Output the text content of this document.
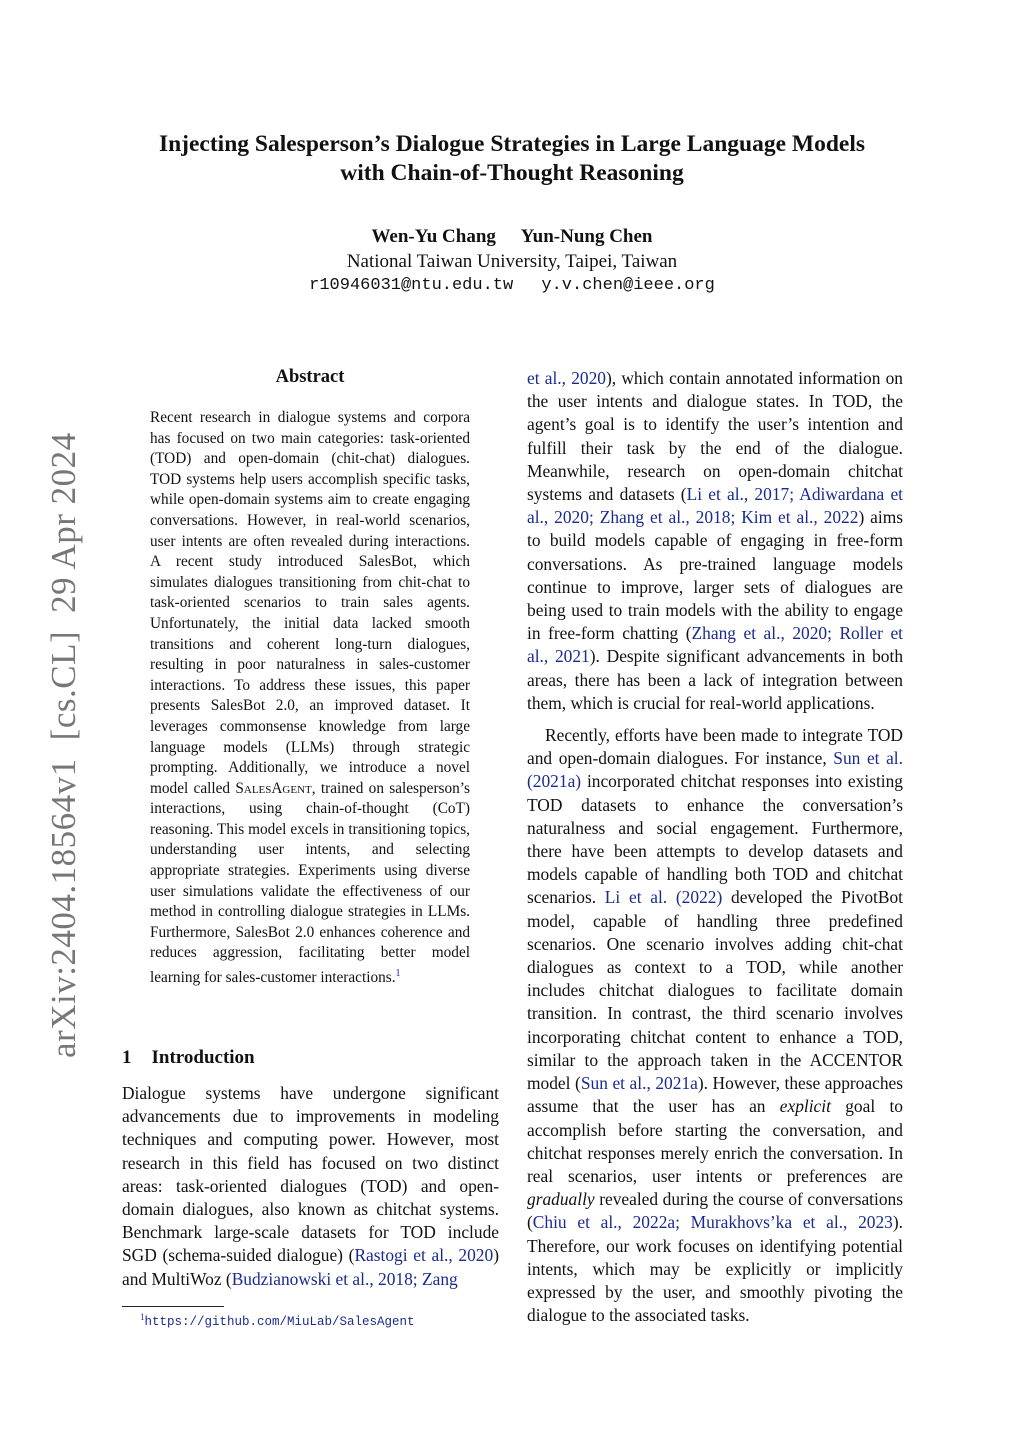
Injecting Salesperson’s Dialogue Strategies in Large Language Models
with Chain-of-Thought Reasoning
Wen-Yu Chang Yun-Nung Chen
National Taiwan University, Taipei, Taiwan
r10946031@ntu.edu.tw y.v.chen@ieee.org
arXiv:2404.18564v1[cs.CL]29 Apr 2024
Abstract
Recent research in dialogue systems and corpora has focused on two main categories: task-oriented (TOD) and open-domain (chit-chat) dialogues. TOD systems help users accomplish specific tasks, while open-domain systems aim to create engaging conversations. However, in real-world scenarios, user intents are often revealed during interactions. A recent study introduced SalesBot, which simulates dialogues transitioning from chit-chat to task-oriented scenarios to train sales agents. Unfortunately, the initial data lacked smooth transitions and coherent long-turn dialogues, resulting in poor naturalness in sales-customer interactions. To address these issues, this paper presents SalesBot 2.0, an improved dataset. It leverages commonsense knowledge from large language models (LLMs) through strategic prompting. Additionally, we introduce a novel model called SalesAgent, trained on salesperson’s interactions, using chain-of-thought (CoT) reasoning. This model excels in transitioning topics, understanding user intents, and selecting appropriate strategies. Experiments using diverse user simulations validate the effectiveness of our method in controlling dialogue strategies in LLMs. Furthermore, SalesBot 2.0 enhances coherence and reduces aggression, facilitating better model learning for sales-customer interactions.$^1$
1 Introduction
Dialogue systems have undergone significant advancements due to improvements in modeling techniques and computing power. However, most research in this field has focused on two distinct areas: task-oriented dialogues (TOD) and open-domain dialogues, also known as chitchat systems. Benchmark large-scale datasets for TOD include SGD (schema-suided dialogue) (Rastogi et al., 2020) and MultiWoz (Budzianowski et al., 2018; Zang

et al., 2020), which contain annotated information on the user intents and dialogue states. In TOD, the agent’s goal is to identify the user’s intention and fulfill their task by the end of the dialogue. Meanwhile, research on open-domain chitchat systems and datasets (Li et al., 2017; Adiwardana et al., 2020; Zhang et al., 2018; Kim et al., 2022) aims to build models capable of engaging in free-form conversations. As pre-trained language models continue to improve, larger sets of dialogues are being used to train models with the ability to engage in free-form chatting (Zhang et al., 2020; Roller et al., 2021). Despite significant advancements in both areas, there has been a lack of integration between them, which is crucial for real-world applications.

Recently, efforts have been made to integrate TOD and open-domain dialogues. For instance, Sun et al. (2021a) incorporated chitchat responses into existing TOD datasets to enhance the conversation’s naturalness and social engagement. Furthermore, there have been attempts to develop datasets and models capable of handling both TOD and chitchat scenarios. Li et al. (2022) developed the PivotBot model, capable of handling three predefined scenarios. One scenario involves adding chit-chat dialogues as context to a TOD, while another includes chitchat dialogues to facilitate domain transition. In contrast, the third scenario involves incorporating chitchat content to enhance a TOD, similar to the approach taken in the ACCENTOR model (Sun et al., 2021a). However, these approaches assume that the user has an explicit goal to accomplish before starting the conversation, and chitchat responses merely enrich the conversation. In real scenarios, user intents or preferences are gradually revealed during the course of conversations (Chiu et al., 2022a; Murakhovs’ka et al., 2023). Therefore, our work focuses on identifying potential intents, which may be explicitly or implicitly expressed by the user, and smoothly pivoting the dialogue to the associated tasks.

$^1$https://github.com/MiuLab/SalesAgent
